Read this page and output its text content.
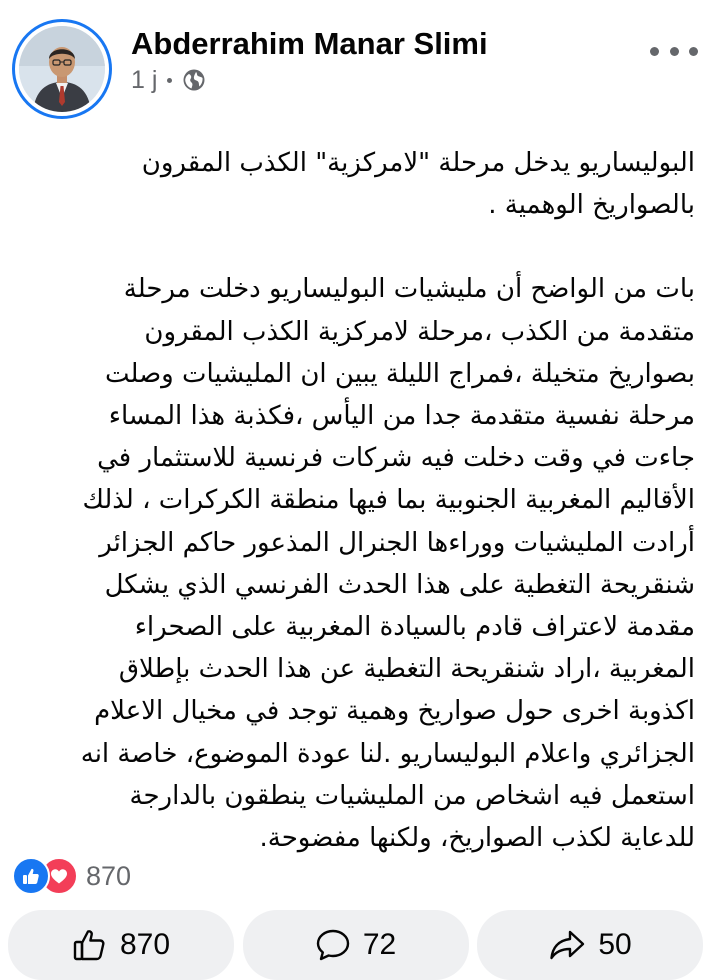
Abderrahim Manar Slimi
1 j

البوليساريو يدخل مرحلة "لامركزية" الكذب المقرون

بالصواريخ الوهمية .

بات من الواضح أن مليشيات البوليساريو دخلت مرحلة

متقدمة من الكذب ،مرحلة لامركزية الكذب المقرون

بصواريخ متخيلة ،فمراج الليلة يبين ان المليشيات وصلت

مرحلة نفسية متقدمة جدا من اليأس ،فكذبة هذا المساء

جاءت في وقت دخلت فيه شركات فرنسية للاستثمار في

الأقاليم المغربية الجنوبية بما فيها منطقة الكركرات ، لذلك

أرادت المليشيات ووراءها الجنرال المذعور حاكم الجزائر

شنقريحة التغطية على هذا الحدث الفرنسي الذي يشكل

مقدمة لاعتراف قادم بالسيادة المغربية على الصحراء

المغربية ،اراد شنقريحة التغطية عن هذا الحدث بإطلاق

اكذوبة اخرى حول صواريخ وهمية توجد في مخيال الاعلام

الجزائري واعلام البوليساريو .لنا عودة الموضوع، خاصة انه

استعمل فيه اشخاص من المليشيات ينطقون بالدارجة

للدعاية لكذب الصواريخ، ولكنها مفضوحة.

870
870	72	50
